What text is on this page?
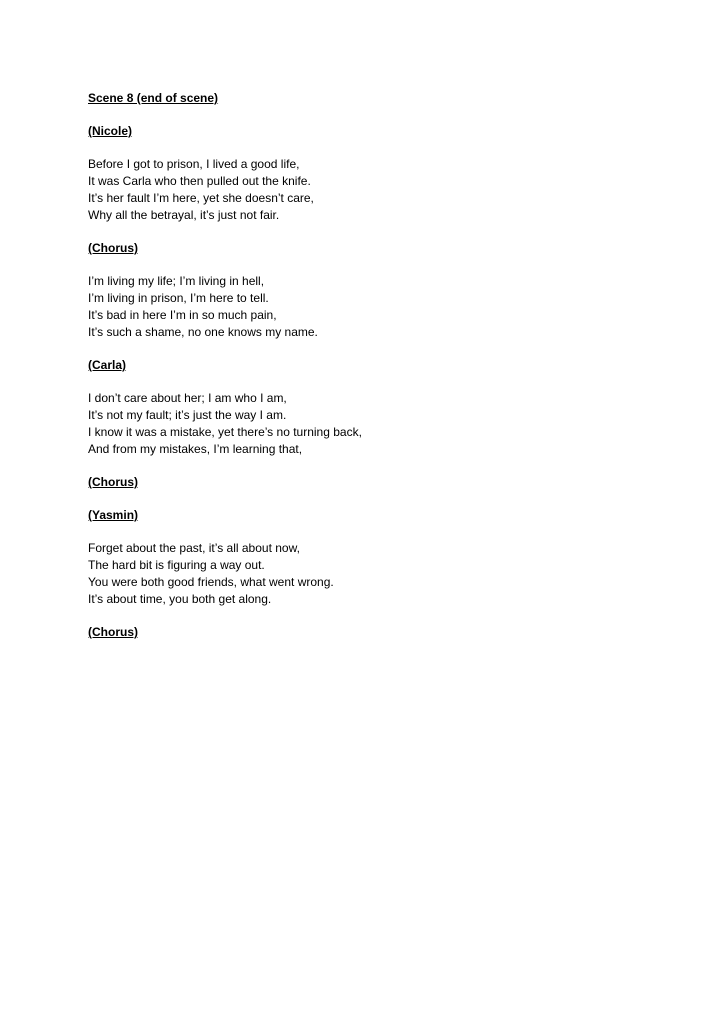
Scene 8 (end of scene)
(Nicole)
Before I got to prison, I lived a good life,
It was Carla who then pulled out the knife.
It’s her fault I’m here, yet she doesn’t care,
Why all the betrayal, it’s just not fair.
(Chorus)
I’m living my life; I’m living in hell,
I’m living in prison, I’m here to tell.
It’s bad in here I’m in so much pain,
It’s such a shame, no one knows my name.
(Carla)
I don’t care about her; I am who I am,
It’s not my fault; it’s just the way I am.
I know it was a mistake, yet there’s no turning back,
And from my mistakes, I’m learning that,
(Chorus)
(Yasmin)
Forget about the past, it’s all about now,
The hard bit is figuring a way out.
You were both good friends, what went wrong.
It’s about time, you both get along.
(Chorus)
